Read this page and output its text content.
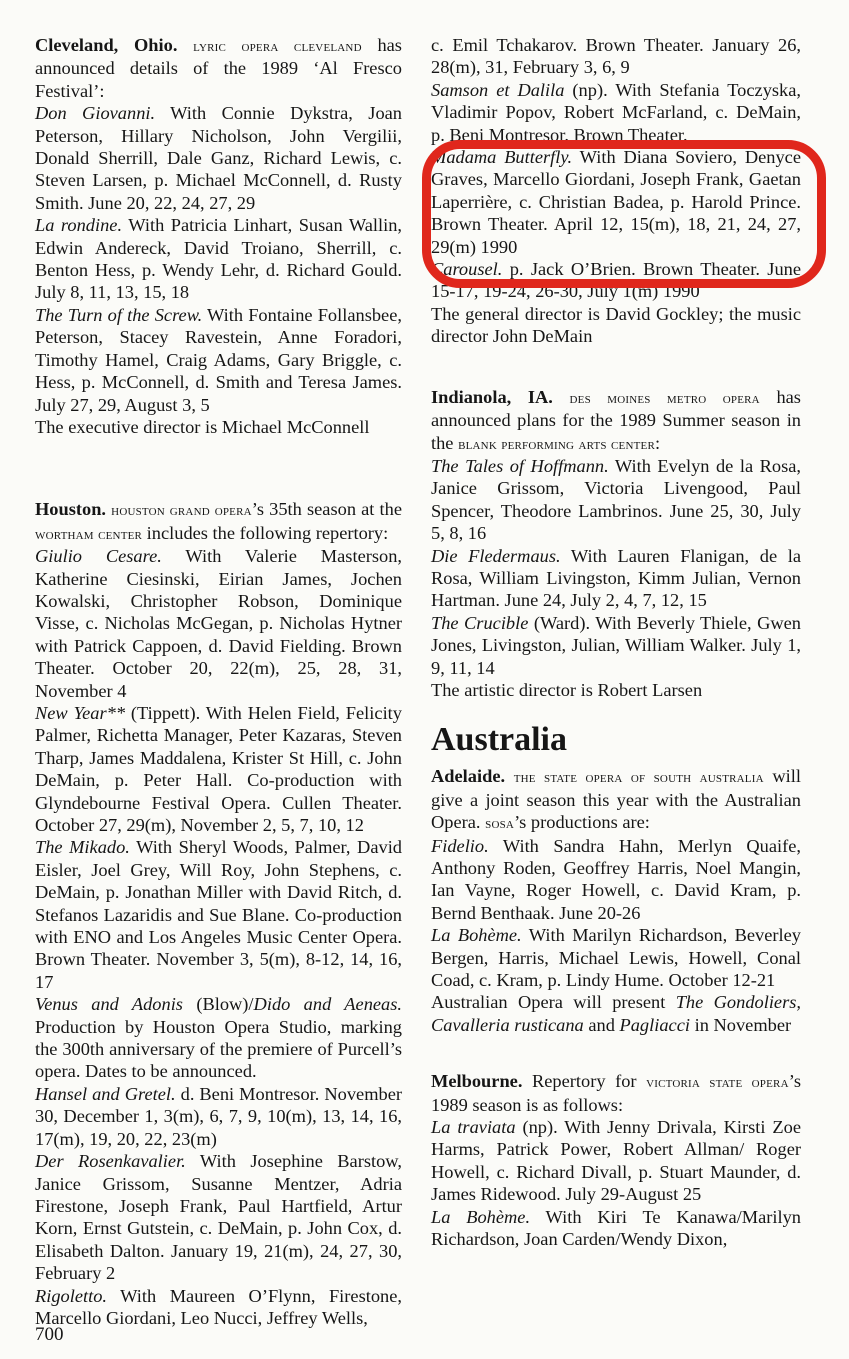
Cleveland, Ohio. lyric opera cleveland has announced details of the 1989 ‘Al Fresco Festival’:
Don Giovanni. With Connie Dykstra, Joan Peterson, Hillary Nicholson, John Vergilii, Donald Sherrill, Dale Ganz, Richard Lewis, c. Steven Larsen, p. Michael McConnell, d. Rusty Smith. June 20, 22, 24, 27, 29
La rondine. With Patricia Linhart, Susan Wallin, Edwin Andereck, David Troiano, Sherrill, c. Benton Hess, p. Wendy Lehr, d. Richard Gould. July 8, 11, 13, 15, 18
The Turn of the Screw. With Fontaine Follansbee, Peterson, Stacey Ravestein, Anne Foradori, Timothy Hamel, Craig Adams, Gary Briggle, c. Hess, p. McConnell, d. Smith and Teresa James. July 27, 29, August 3, 5
The executive director is Michael McConnell

Houston. houston grand opera’s 35th season at the wortham center includes the following repertory:
Giulio Cesare. With Valerie Masterson, Katherine Ciesinski, Eirian James, Jochen Kowalski, Christopher Robson, Dominique Visse, c. Nicholas McGegan, p. Nicholas Hytner with Patrick Cappoen, d. David Fielding. Brown Theater. October 20, 22(m), 25, 28, 31, November 4
New Year** (Tippett). With Helen Field, Felicity Palmer, Richetta Manager, Peter Kazaras, Steven Tharp, James Maddalena, Krister St Hill, c. John DeMain, p. Peter Hall. Co-production with Glyndebourne Festival Opera. Cullen Theater. October 27, 29(m), November 2, 5, 7, 10, 12
The Mikado. With Sheryl Woods, Palmer, David Eisler, Joel Grey, Will Roy, John Stephens, c. DeMain, p. Jonathan Miller with David Ritch, d. Stefanos Lazaridis and Sue Blane. Co-production with ENO and Los Angeles Music Center Opera. Brown Theater. November 3, 5(m), 8-12, 14, 16, 17
Venus and Adonis (Blow)/Dido and Aeneas. Production by Houston Opera Studio, marking the 300th anniversary of the premiere of Purcell’s opera. Dates to be announced.
Hansel and Gretel. d. Beni Montresor. November 30, December 1, 3(m), 6, 7, 9, 10(m), 13, 14, 16, 17(m), 19, 20, 22, 23(m)
Der Rosenkavalier. With Josephine Barstow, Janice Grissom, Susanne Mentzer, Adria Firestone, Joseph Frank, Paul Hartfield, Artur Korn, Ernst Gutstein, c. DeMain, p. John Cox, d. Elisabeth Dalton. January 19, 21(m), 24, 27, 30, February 2
Rigoletto. With Maureen O’Flynn, Firestone, Marcello Giordani, Leo Nucci, Jeffrey Wells,

c. Emil Tchakarov. Brown Theater. January 26, 28(m), 31, February 3, 6, 9
Samson et Dalila (np). With Stefania Toczyska, Vladimir Popov, Robert McFarland, c. DeMain, p. Beni Montresor. Brown Theater.
Madama Butterfly. With Diana Soviero, Denyce Graves, Marcello Giordani, Joseph Frank, Gaetan Laperrière, c. Christian Badea, p. Harold Prince. Brown Theater. April 12, 15(m), 18, 21, 24, 27, 29(m) 1990
Carousel. p. Jack O’Brien. Brown Theater. June 15-17, 19-24, 26-30, July 1(m) 1990
The general director is David Gockley; the music director John DeMain

Indianola, IA. des moines metro opera has announced plans for the 1989 Summer season in the blank performing arts center:
The Tales of Hoffmann. With Evelyn de la Rosa, Janice Grissom, Victoria Livengood, Paul Spencer, Theodore Lambrinos. June 25, 30, July 5, 8, 16
Die Fledermaus. With Lauren Flanigan, de la Rosa, William Livingston, Kimm Julian, Vernon Hartman. June 24, July 2, 4, 7, 12, 15
The Crucible (Ward). With Beverly Thiele, Gwen Jones, Livingston, Julian, William Walker. July 1, 9, 11, 14
The artistic director is Robert Larsen

Australia

Adelaide. the state opera of south australia will give a joint season this year with the Australian Opera. sosa’s productions are:
Fidelio. With Sandra Hahn, Merlyn Quaife, Anthony Roden, Geoffrey Harris, Noel Mangin, Ian Vayne, Roger Howell, c. David Kram, p. Bernd Benthaak. June 20-26
La Bohème. With Marilyn Richardson, Beverley Bergen, Harris, Michael Lewis, Howell, Conal Coad, c. Kram, p. Lindy Hume. October 12-21
Australian Opera will present The Gondoliers, Cavalleria rusticana and Pagliacci in November

Melbourne. Repertory for victoria state opera’s 1989 season is as follows:
La traviata (np). With Jenny Drivala, Kirsti Zoe Harms, Patrick Power, Robert Allman/ Roger Howell, c. Richard Divall, p. Stuart Maunder, d. James Ridewood. July 29-August 25
La Bohème. With Kiri Te Kanawa/Marilyn Richardson, Joan Carden/Wendy Dixon,

700
